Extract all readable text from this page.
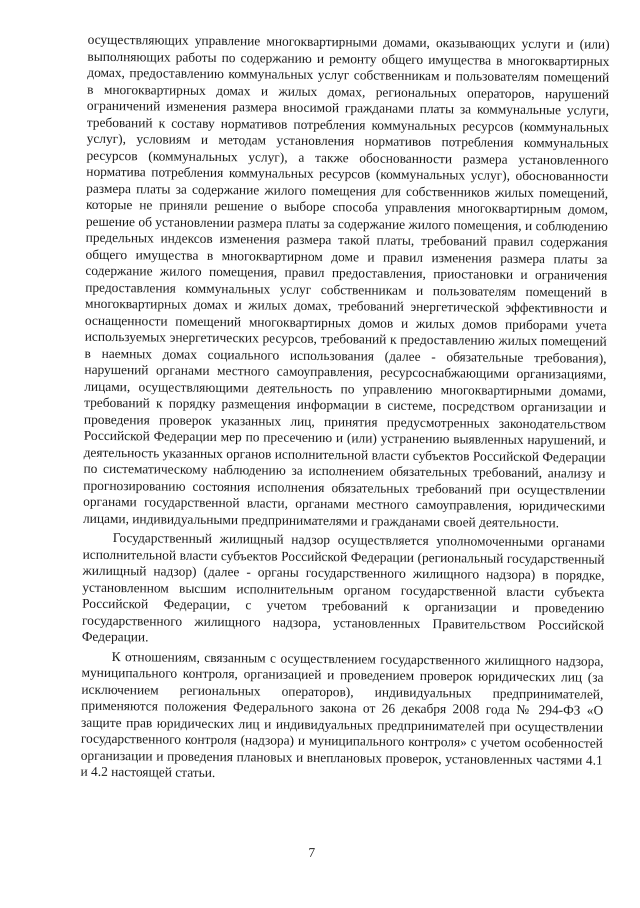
осуществляющих управление многоквартирными домами, оказывающих услуги и (или) выполняющих работы по содержанию и ремонту общего имущества в многоквартирных домах, предоставлению коммунальных услуг собственникам и пользователям помещений в многоквартирных домах и жилых домах, региональных операторов, нарушений ограничений изменения размера вносимой гражданами платы за коммунальные услуги, требований к составу нормативов потребления коммунальных ресурсов (коммунальных услуг), условиям и методам установления нормативов потребления коммунальных ресурсов (коммунальных услуг), а также обоснованности размера установленного норматива потребления коммунальных ресурсов (коммунальных услуг), обоснованности размера платы за содержание жилого помещения для собственников жилых помещений, которые не приняли решение о выборе способа управления многоквартирным домом, решение об установлении размера платы за содержание жилого помещения, и соблюдению предельных индексов изменения размера такой платы, требований правил содержания общего имущества в многоквартирном доме и правил изменения размера платы за содержание жилого помещения, правил предоставления, приостановки и ограничения предоставления коммунальных услуг собственникам и пользователям помещений в многоквартирных домах и жилых домах, требований энергетической эффективности и оснащенности помещений многоквартирных домов и жилых домов приборами учета используемых энергетических ресурсов, требований к предоставлению жилых помещений в наемных домах социального использования (далее - обязательные требования), нарушений органами местного самоуправления, ресурсоснабжающими организациями, лицами, осуществляющими деятельность по управлению многоквартирными домами, требований к порядку размещения информации в системе, посредством организации и проведения проверок указанных лиц, принятия предусмотренных законодательством Российской Федерации мер по пресечению и (или) устранению выявленных нарушений, и деятельность указанных органов исполнительной власти субъектов Российской Федерации по систематическому наблюдению за исполнением обязательных требований, анализу и прогнозированию состояния исполнения обязательных требований при осуществлении органами государственной власти, органами местного самоуправления, юридическими лицами, индивидуальными предпринимателями и гражданами своей деятельности.

Государственный жилищный надзор осуществляется уполномоченными органами исполнительной власти субъектов Российской Федерации (региональный государственный жилищный надзор) (далее - органы государственного жилищного надзора) в порядке, установленном высшим исполнительным органом государственной власти субъекта Российской Федерации, с учетом требований к организации и проведению государственного жилищного надзора, установленных Правительством Российской Федерации.

К отношениям, связанным с осуществлением государственного жилищного надзора, муниципального контроля, организацией и проведением проверок юридических лиц (за исключением региональных операторов), индивидуальных предпринимателей, применяются положения Федерального закона от 26 декабря 2008 года № 294-ФЗ «О защите прав юридических лиц и индивидуальных предпринимателей при осуществлении государственного контроля (надзора) и муниципального контроля» с учетом особенностей организации и проведения плановых и внеплановых проверок, установленных частями 4.1 и 4.2 настоящей статьи.

7
